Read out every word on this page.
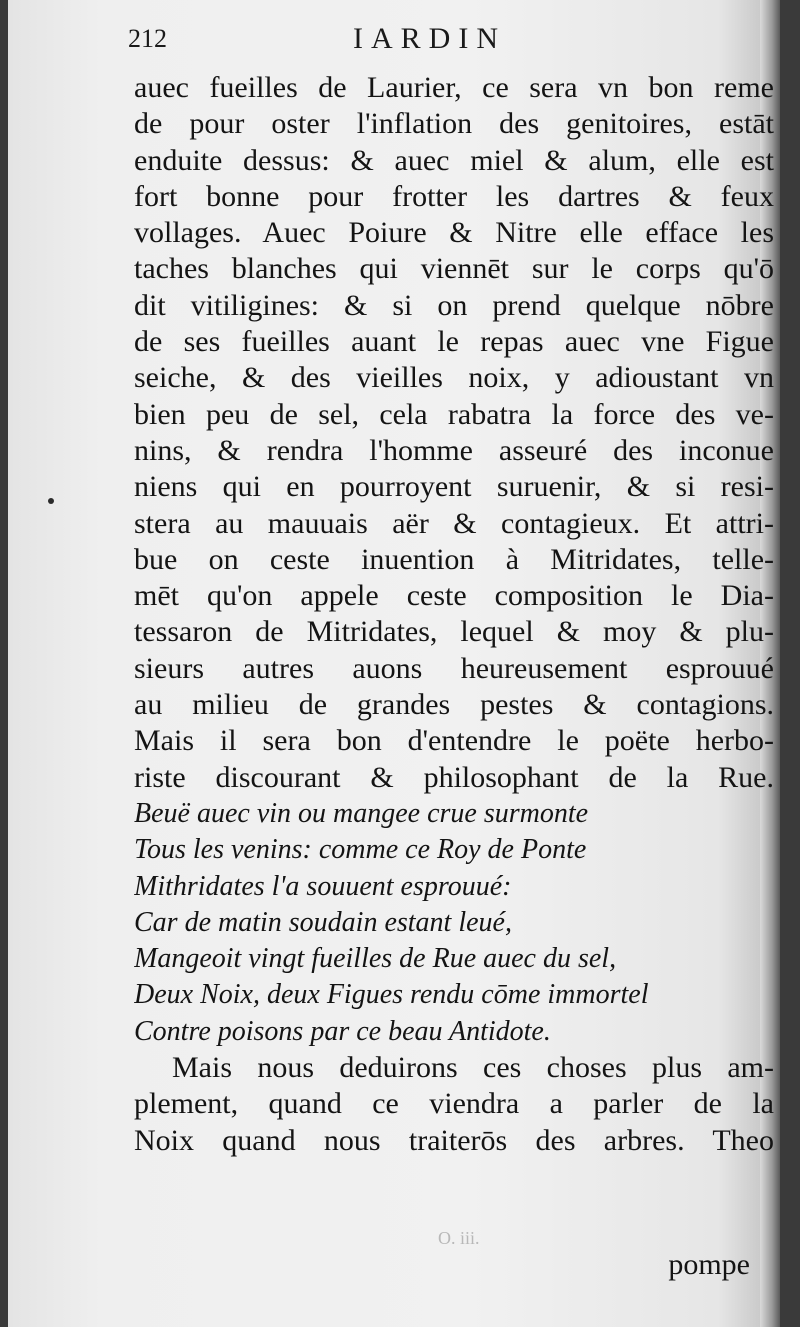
212	IARDIN
auec fueilles de Laurier, ce sera vn bon reme
de pour oster l'inflation des genitoires, estāt
enduite dessus: & auec miel & alum, elle est
fort bonne pour frotter les dartres & feux
vollages. Auec Poiure & Nitre elle efface les
taches blanches qui viennēt sur le corps qu'ō
dit vitiligines: & si on prend quelque nōbre
de ses fueilles auant le repas auec vne Figue
seiche, & des vieilles noix, y adioustant vn
bien peu de sel, cela rabatra la force des ve-
nins, & rendra l'homme asseuré des inconue
niens qui en pourroyent suruenir, & si resi-
stera au mauuais aër & contagieux. Et attri-
bue on ceste inuention à Mitridates, telle-
mēt qu'on appele ceste composition le Dia-
tessaron de Mitridates, lequel & moy & plu-
sieurs autres auons heureusement esprouué
au milieu de grandes pestes & contagions.
Mais il sera bon d'entendre le poëte herbo-
riste discourant & philosophant de la Rue.
Beuë auec vin ou mangee crue surmonte
Tous les venins: comme ce Roy de Ponte
Mithridates l'a souuent esprouué:
Car de matin soudain estant leué,
Mangeoit vingt fueilles de Rue auec du sel,
Deux Noix, deux Figues rendu cōme immortel
Contre poisons par ce beau Antidote.
Mais nous deduirons ces choses plus am-
plement, quand ce viendra a parler de la
Noix quand nous traiterōs des arbres. Theo
O. iii.
pompe
